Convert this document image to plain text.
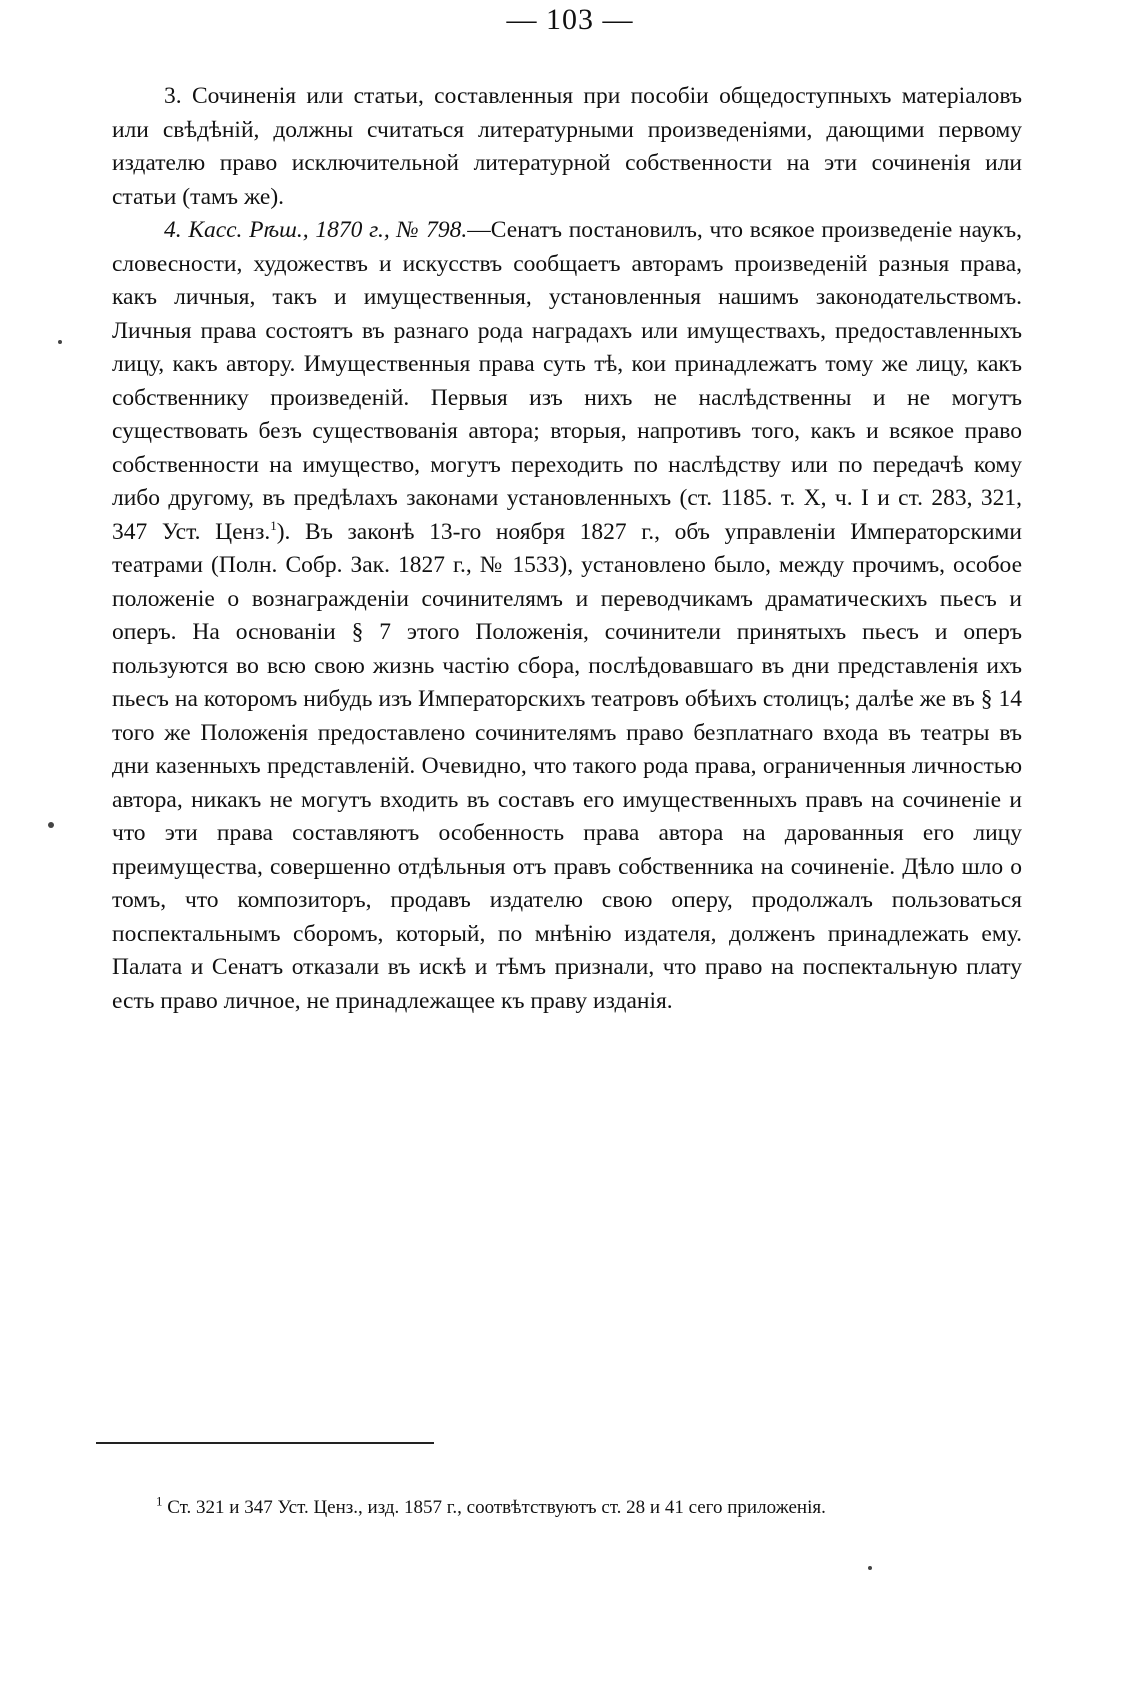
— 103 —

3. Сочиненія или статьи, составленныя при пособіи общедоступныхъ матеріаловъ или свѣдѣній, должны считаться литературными произведеніями, дающими первому издателю право исключительной литературной собственности на эти сочиненія или статьи (тамъ же).

4. Касс. Рѣш., 1870 г., № 798.—Сенатъ постановилъ, что всякое произведеніе наукъ, словесности, художествъ и искусствъ сообщаетъ авторамъ произведеній разныя права, какъ личныя, такъ и имущественныя, установленныя нашимъ законодательствомъ. Личныя права состоятъ въ разнаго рода наградахъ или имуществахъ, предоставленныхъ лицу, какъ автору. Имущественныя права суть тѣ, кои принадлежатъ тому же лицу, какъ собственнику произведеній. Первыя изъ нихъ не наслѣдственны и не могутъ существовать безъ существованія автора; вторыя, напротивъ того, какъ и всякое право собственности на имущество, могутъ переходить по наслѣдству или по передачѣ кому либо другому, въ предѣлахъ законами установленныхъ (ст. 1185. т. X, ч. I и ст. 283, 321, 347 Уст. Ценз.$^1$). Въ законѣ 13-го ноября 1827 г., объ управленіи Императорскими театрами (Полн. Собр. Зак. 1827 г., № 1533), установлено было, между прочимъ, особое положеніе о вознагражденіи сочинителямъ и переводчикамъ драматическихъ пьесъ и оперъ. На основаніи § 7 этого Положенія, сочинители принятыхъ пьесъ и оперъ пользуются во всю свою жизнь частію сбора, послѣдовавшаго въ дни представленія ихъ пьесъ на которомъ нибудь изъ Императорскихъ театровъ обѣихъ столицъ; далѣе же въ § 14 того же Положенія предоставлено сочинителямъ право безплатнаго входа въ театры въ дни казенныхъ представленій. Очевидно, что такого рода права, ограниченныя личностью автора, никакъ не могутъ входить въ составъ его имущественныхъ правъ на сочиненіе и что эти права составляютъ особенность права автора на дарованныя его лицу преимущества, совершенно отдѣльныя отъ правъ собственника на сочиненіе. Дѣло шло о томъ, что композиторъ, продавъ издателю свою оперу, продолжалъ пользоваться поспектальнымъ сборомъ, который, по мнѣнію издателя, долженъ принадлежать ему. Палата и Сенатъ отказали въ искѣ и тѣмъ признали, что право на поспектальную плату есть право личное, не принадлежащее къ праву изданія.

$^1$ Ст. 321 и 347 Уст. Ценз., изд. 1857 г., соотвѣтствуютъ ст. 28 и 41 сего приложенія.
